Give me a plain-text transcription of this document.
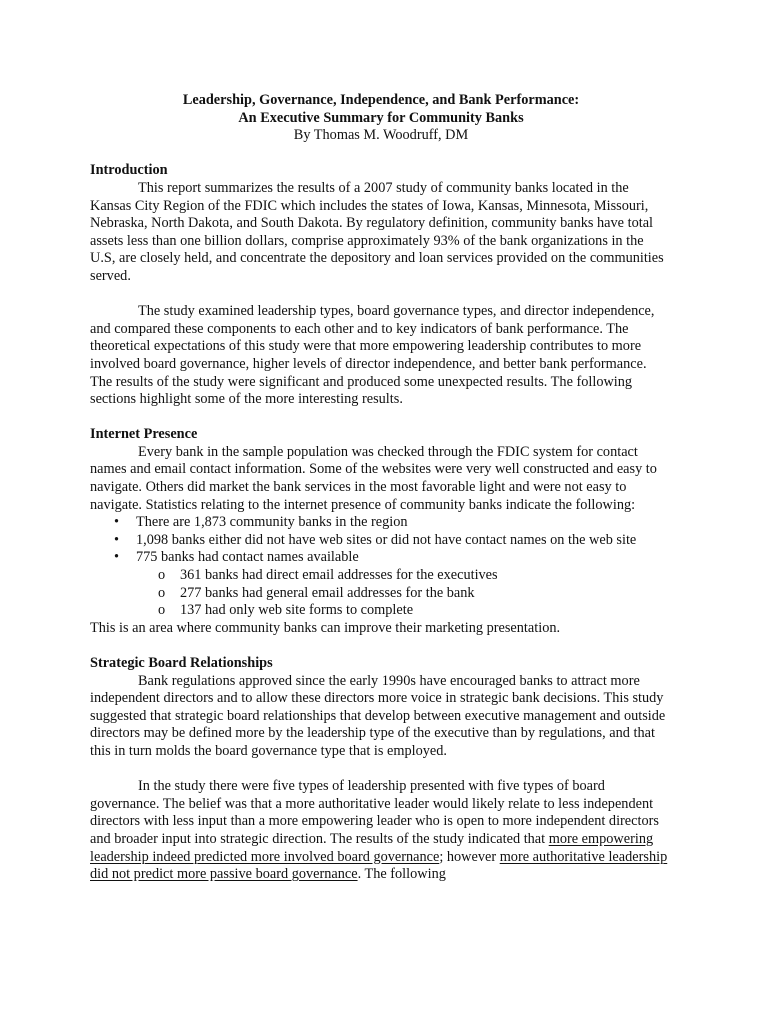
Leadership, Governance, Independence, and Bank Performance:
An Executive Summary for Community Banks
By Thomas M. Woodruff, DM
Introduction

This report summarizes the results of a 2007 study of community banks located in the Kansas City Region of the FDIC which includes the states of Iowa, Kansas, Minnesota, Missouri, Nebraska, North Dakota, and South Dakota. By regulatory definition, community banks have total assets less than one billion dollars, comprise approximately 93% of the bank organizations in the U.S, are closely held, and concentrate the depository and loan services provided on the communities served.

The study examined leadership types, board governance types, and director independence, and compared these components to each other and to key indicators of bank performance. The theoretical expectations of this study were that more empowering leadership contributes to more involved board governance, higher levels of director independence, and better bank performance. The results of the study were significant and produced some unexpected results. The following sections highlight some of the more interesting results.

Internet Presence

Every bank in the sample population was checked through the FDIC system for contact names and email contact information. Some of the websites were very well constructed and easy to navigate. Others did market the bank services in the most favorable light and were not easy to navigate. Statistics relating to the internet presence of community banks indicate the following:

• There are 1,873 community banks in the region
• 1,098 banks either did not have web sites or did not have contact names on the web site
• 775 banks had contact names available
o 361 banks had direct email addresses for the executives
o 277 banks had general email addresses for the bank
o 137 had only web site forms to complete

This is an area where community banks can improve their marketing presentation.

Strategic Board Relationships

Bank regulations approved since the early 1990s have encouraged banks to attract more independent directors and to allow these directors more voice in strategic bank decisions. This study suggested that strategic board relationships that develop between executive management and outside directors may be defined more by the leadership type of the executive than by regulations, and that this in turn molds the board governance type that is employed.

In the study there were five types of leadership presented with five types of board governance. The belief was that a more authoritative leader would likely relate to less independent directors with less input than a more empowering leader who is open to more independent directors and broader input into strategic direction. The results of the study indicated that more empowering leadership indeed predicted more involved board governance; however more authoritative leadership did not predict more passive board governance. The following
